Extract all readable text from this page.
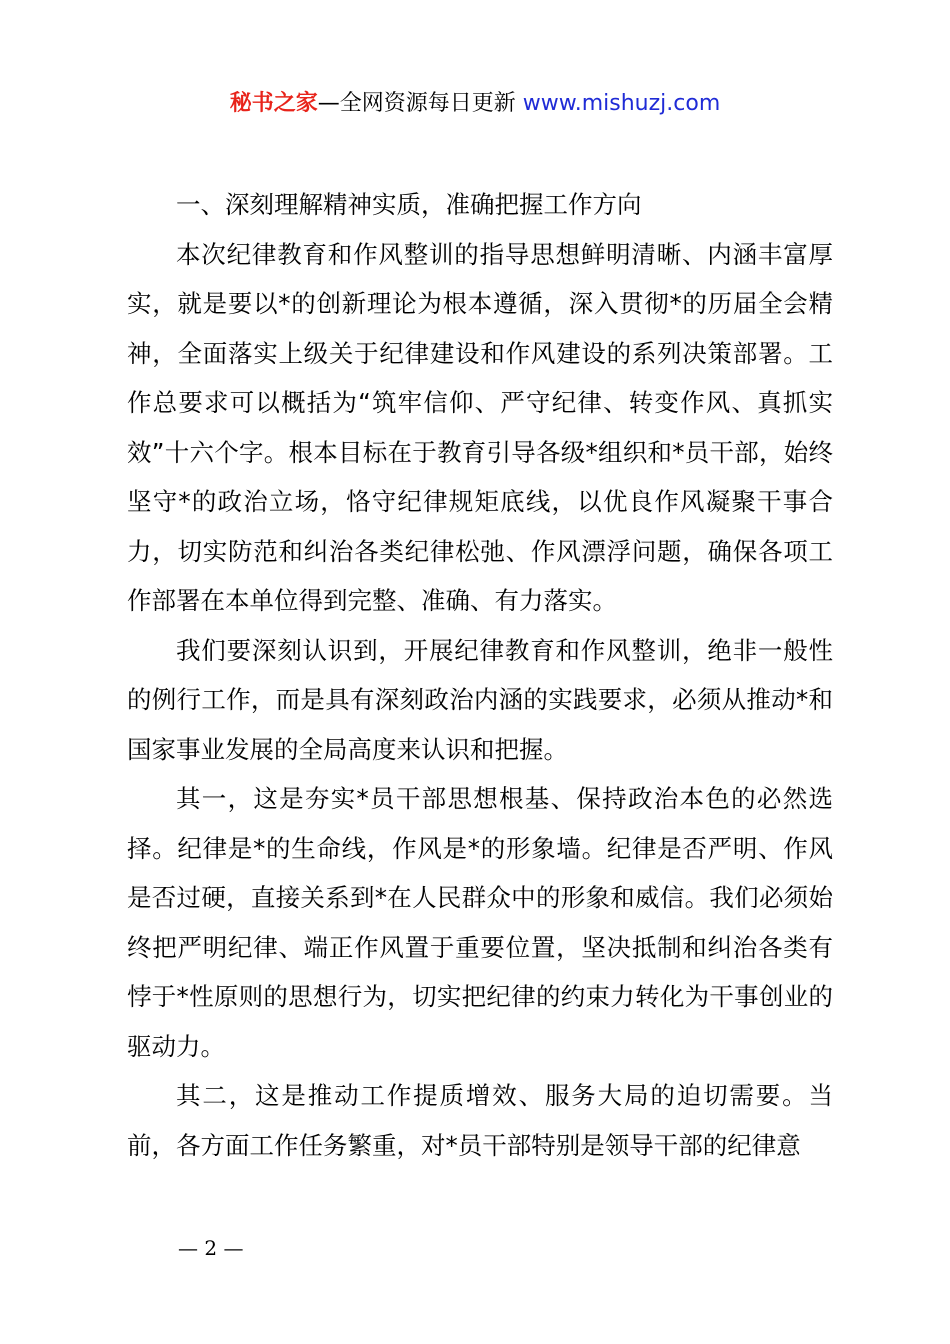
秘书之家—全网资源每日更新 www.mishuzj.com

一、深刻理解精神实质，准确把握工作方向

本次纪律教育和作风整训的指导思想鲜明清晰、内涵丰富厚实，就是要以*的创新理论为根本遵循，深入贯彻*的历届全会精神，全面落实上级关于纪律建设和作风建设的系列决策部署。工作总要求可以概括为“筑牢信仰、严守纪律、转变作风、真抓实效”十六个字。根本目标在于教育引导各级*组织和*员干部，始终坚守*的政治立场，恪守纪律规矩底线，以优良作风凝聚干事合力，切实防范和纠治各类纪律松弛、作风漂浮问题，确保各项工作部署在本单位得到完整、准确、有力落实。

我们要深刻认识到，开展纪律教育和作风整训，绝非一般性的例行工作，而是具有深刻政治内涵的实践要求，必须从推动*和国家事业发展的全局高度来认识和把握。

其一，这是夯实*员干部思想根基、保持政治本色的必然选择。纪律是*的生命线，作风是*的形象墙。纪律是否严明、作风是否过硬，直接关系到*在人民群众中的形象和威信。我们必须始终把严明纪律、端正作风置于重要位置，坚决抵制和纠治各类有悖于*性原则的思想行为，切实把纪律的约束力转化为干事创业的驱动力。

其二，这是推动工作提质增效、服务大局的迫切需要。当前，各方面工作任务繁重，对*员干部特别是领导干部的纪律意

— 2 —
